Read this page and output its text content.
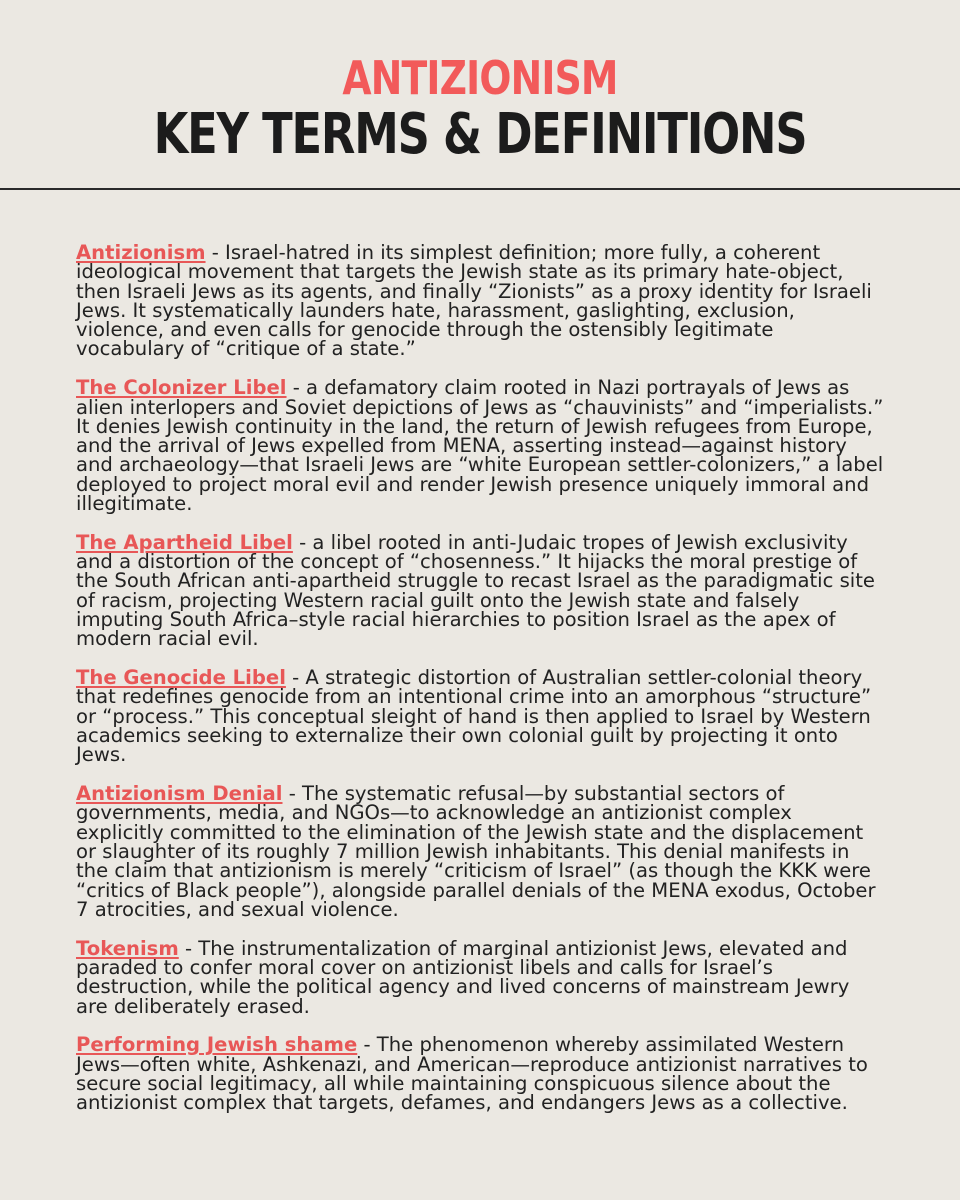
ANTIZIONISM
KEY TERMS & DEFINITIONS

Antizionism - Israel-hatred in its simplest definition; more fully, a coherent ideological movement that targets the Jewish state as its primary hate-object, then Israeli Jews as its agents, and finally “Zionists” as a proxy identity for Israeli Jews. It systematically launders hate, harassment, gaslighting, exclusion, violence, and even calls for genocide through the ostensibly legitimate vocabulary of “critique of a state.”

The Colonizer Libel - a defamatory claim rooted in Nazi portrayals of Jews as alien interlopers and Soviet depictions of Jews as “chauvinists” and “imperialists.” It denies Jewish continuity in the land, the return of Jewish refugees from Europe, and the arrival of Jews expelled from MENA, asserting instead—against history and archaeology—that Israeli Jews are “white European settler-colonizers,” a label deployed to project moral evil and render Jewish presence uniquely immoral and illegitimate.

The Apartheid Libel - a libel rooted in anti-Judaic tropes of Jewish exclusivity and a distortion of the concept of “chosenness.” It hijacks the moral prestige of the South African anti-apartheid struggle to recast Israel as the paradigmatic site of racism, projecting Western racial guilt onto the Jewish state and falsely imputing South Africa–style racial hierarchies to position Israel as the apex of modern racial evil.

The Genocide Libel - A strategic distortion of Australian settler-colonial theory that redefines genocide from an intentional crime into an amorphous “structure” or “process.” This conceptual sleight of hand is then applied to Israel by Western academics seeking to externalize their own colonial guilt by projecting it onto Jews.

Antizionism Denial - The systematic refusal—by substantial sectors of governments, media, and NGOs—to acknowledge an antizionist complex explicitly committed to the elimination of the Jewish state and the displacement or slaughter of its roughly 7 million Jewish inhabitants. This denial manifests in the claim that antizionism is merely “criticism of Israel” (as though the KKK were “critics of Black people”), alongside parallel denials of the MENA exodus, October 7 atrocities, and sexual violence.

Tokenism - The instrumentalization of marginal antizionist Jews, elevated and paraded to confer moral cover on antizionist libels and calls for Israel’s destruction, while the political agency and lived concerns of mainstream Jewry are deliberately erased.

Performing Jewish shame - The phenomenon whereby assimilated Western Jews—often white, Ashkenazi, and American—reproduce antizionist narratives to secure social legitimacy, all while maintaining conspicuous silence about the antizionist complex that targets, defames, and endangers Jews as a collective.
